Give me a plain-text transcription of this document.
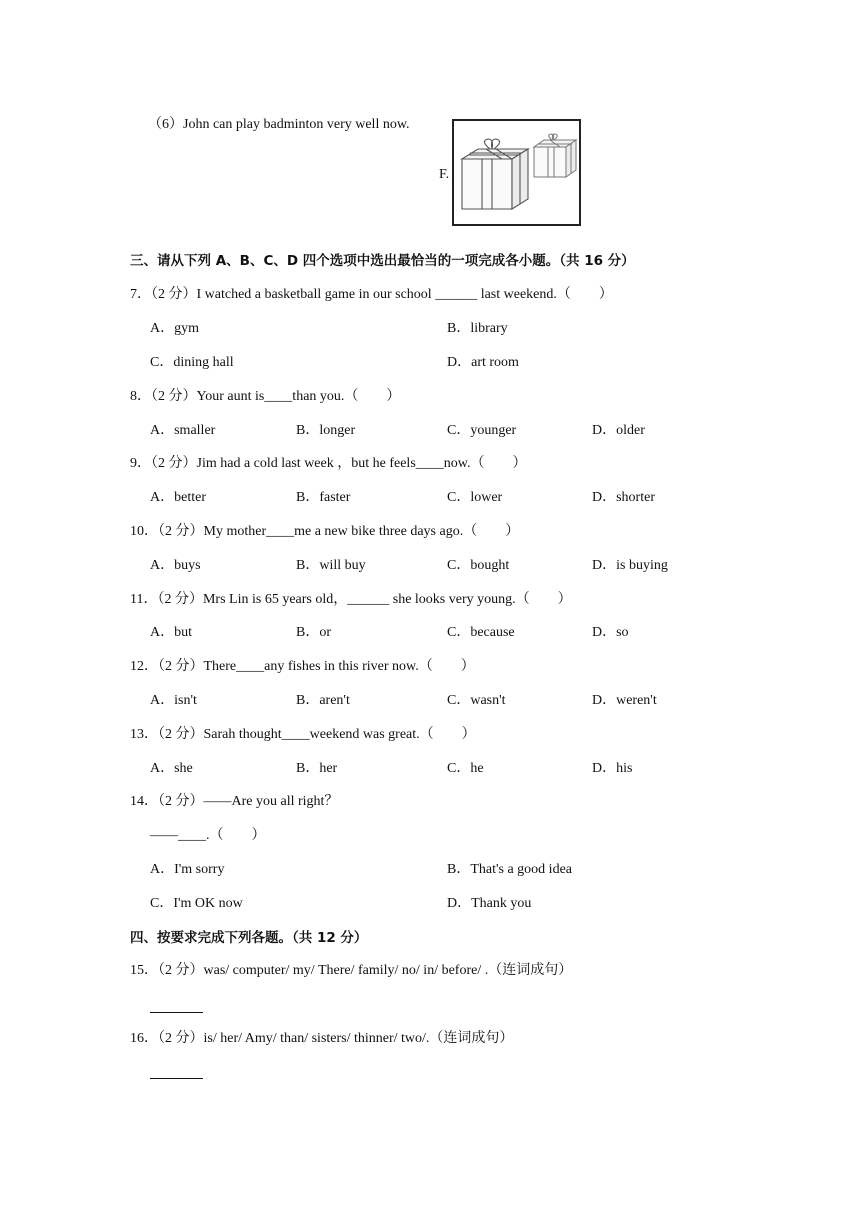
（6）John can play badminton very well now.
F.
三、请从下列 A、B、C、D 四个选项中选出最恰当的一项完成各小题。（共 16 分）
7．（2 分）I watched a basketball game in our school ______ last weekend.（　　）
A．gym	B．library
C．dining hall	D．art room
8．（2 分）Your aunt is____than you.（　　）
A．smaller	B．longer	C．younger	D．older
9．（2 分）Jim had a cold last week ，but he feels____now.（　　）
A．better	B．faster	C．lower	D．shorter
10．（2 分）My mother____me a new bike three days ago.（　　）
A．buys	B．will buy	C．bought	D．is buying
11．（2 分）Mrs Lin is 65 years old，______ she looks very young.（　　）
A．but	B．or	C．because	D．so
12．（2 分）There____any fishes in this river now.（　　）
A．isn't	B．aren't	C．wasn't	D．weren't
13．（2 分）Sarah thought____weekend was great.（　　）
A．she	B．her	C．he	D．his
14．（2 分）——Are you all right？
——____.（　　）
A．I'm sorry	B．That's a good idea
C．I'm OK now	D．Thank you
四、按要求完成下列各题。（共 12 分）
15．（2 分）was/ computer/ my/ There/ family/ no/ in/ before/ .（连词成句）
16．（2 分）is/ her/ Amy/ than/ sisters/ thinner/ two/.（连词成句）
